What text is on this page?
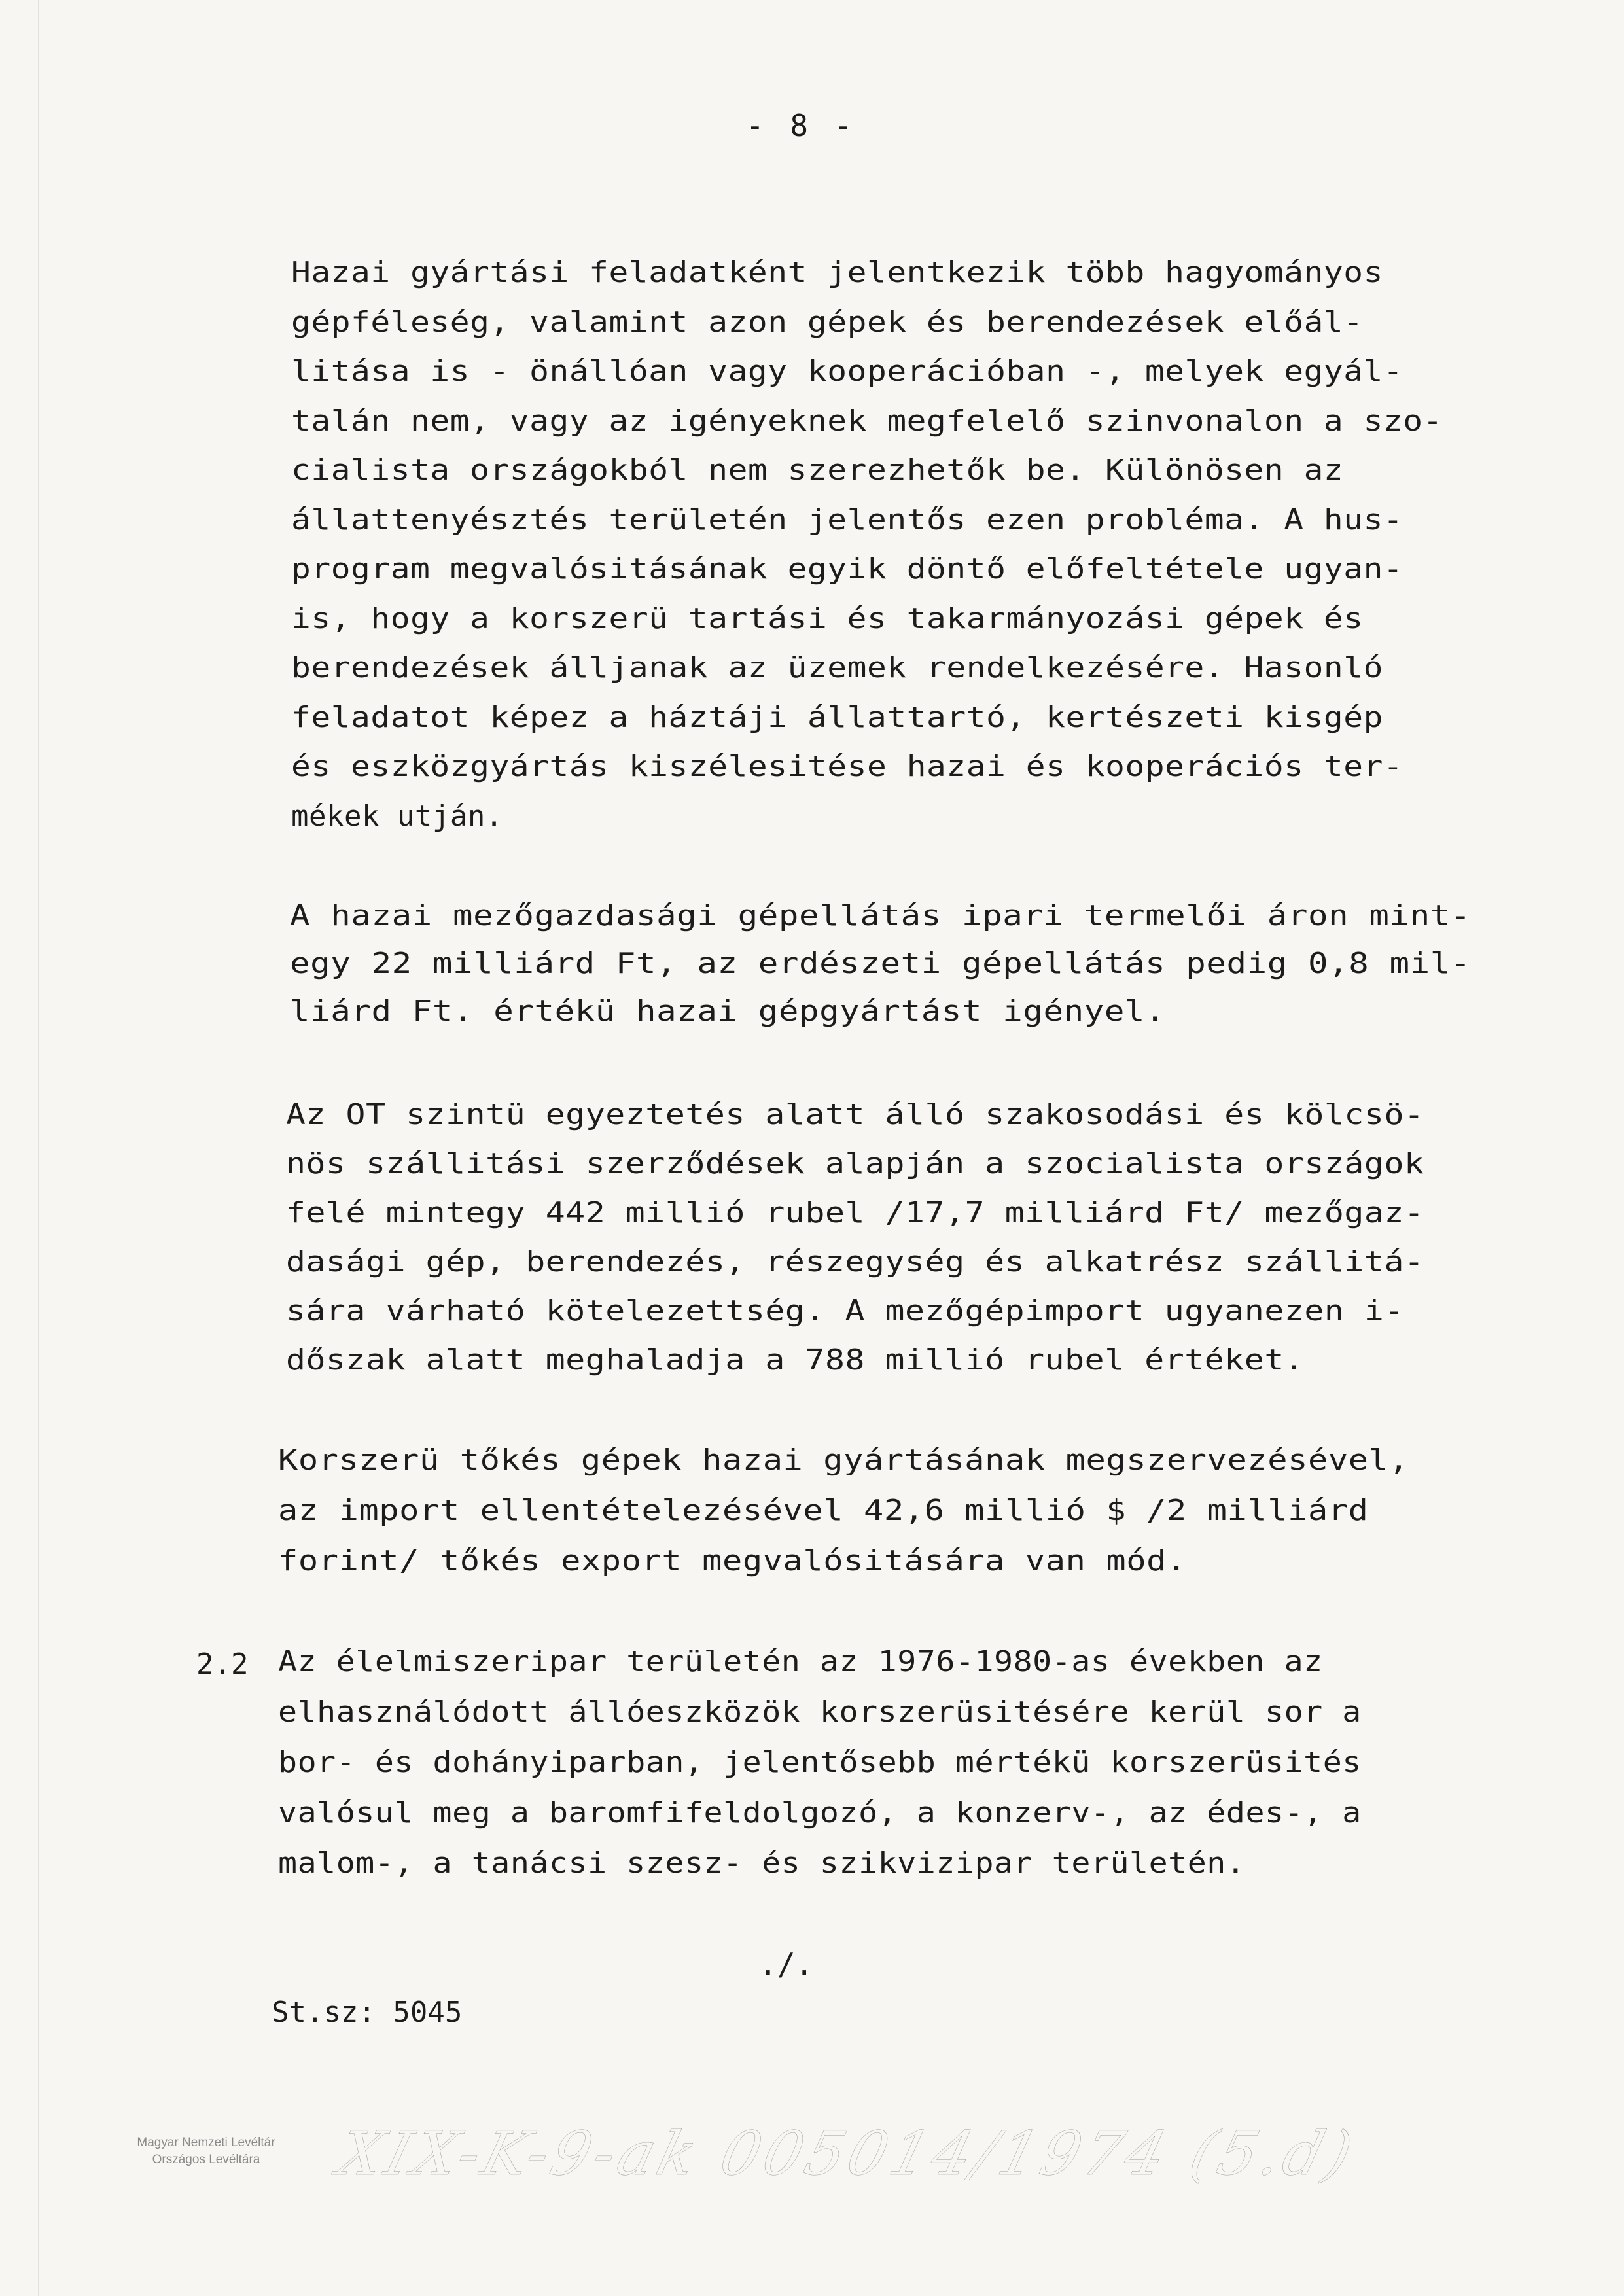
- 8 -
Hazai gyártási feladatként jelentkezik több hagyományos
gépféleség, valamint azon gépek és berendezések előál-
litása is - önállóan vagy kooperációban -, melyek egyál-
talán nem, vagy az igényeknek megfelelő szinvonalon a szo-
cialista országokból nem szerezhetők be. Különösen az
állattenyésztés területén jelentős ezen probléma. A hus-
program megvalósitásának egyik döntő előfeltétele ugyan-
is, hogy a korszerü tartási és takarmányozási gépek és
berendezések álljanak az üzemek rendelkezésére. Hasonló
feladatot képez a háztáji állattartó, kertészeti kisgép
és eszközgyártás kiszélesitése hazai és kooperációs ter-
mékek utján.
A hazai mezőgazdasági gépellátás ipari termelői áron mint-
egy 22 milliárd Ft, az erdészeti gépellátás pedig 0,8 mil-
liárd Ft. értékü hazai gépgyártást igényel.
Az OT szintü egyeztetés alatt álló szakosodási és kölcsö-
nös szállitási szerződések alapján a szocialista országok
felé mintegy 442 millió rubel /17,7 milliárd Ft/ mezőgaz-
dasági gép, berendezés, részegység és alkatrész szállitá-
sára várható kötelezettség. A mezőgépimport ugyanezen i-
dőszak alatt meghaladja a 788 millió rubel értéket.
Korszerü tőkés gépek hazai gyártásának megszervezésével,
az import ellentételezésével 42,6 millió $ /2 milliárd
forint/ tőkés export megvalósitására van mód.
Az élelmiszeripar területén az 1976-1980-as években az
elhasználódott állóeszközök korszerüsitésére kerül sor a
bor- és dohányiparban, jelentősebb mértékü korszerüsités
valósul meg a baromfifeldolgozó, a konzerv-, az édes-, a
malom-, a tanácsi szesz- és szikvizipar területén.
2.2
./.
St.sz: 5045
Magyar Nemzeti Levéltár
Országos Levéltára	XIX-K-9-ak 005014/1974 (5.d)
